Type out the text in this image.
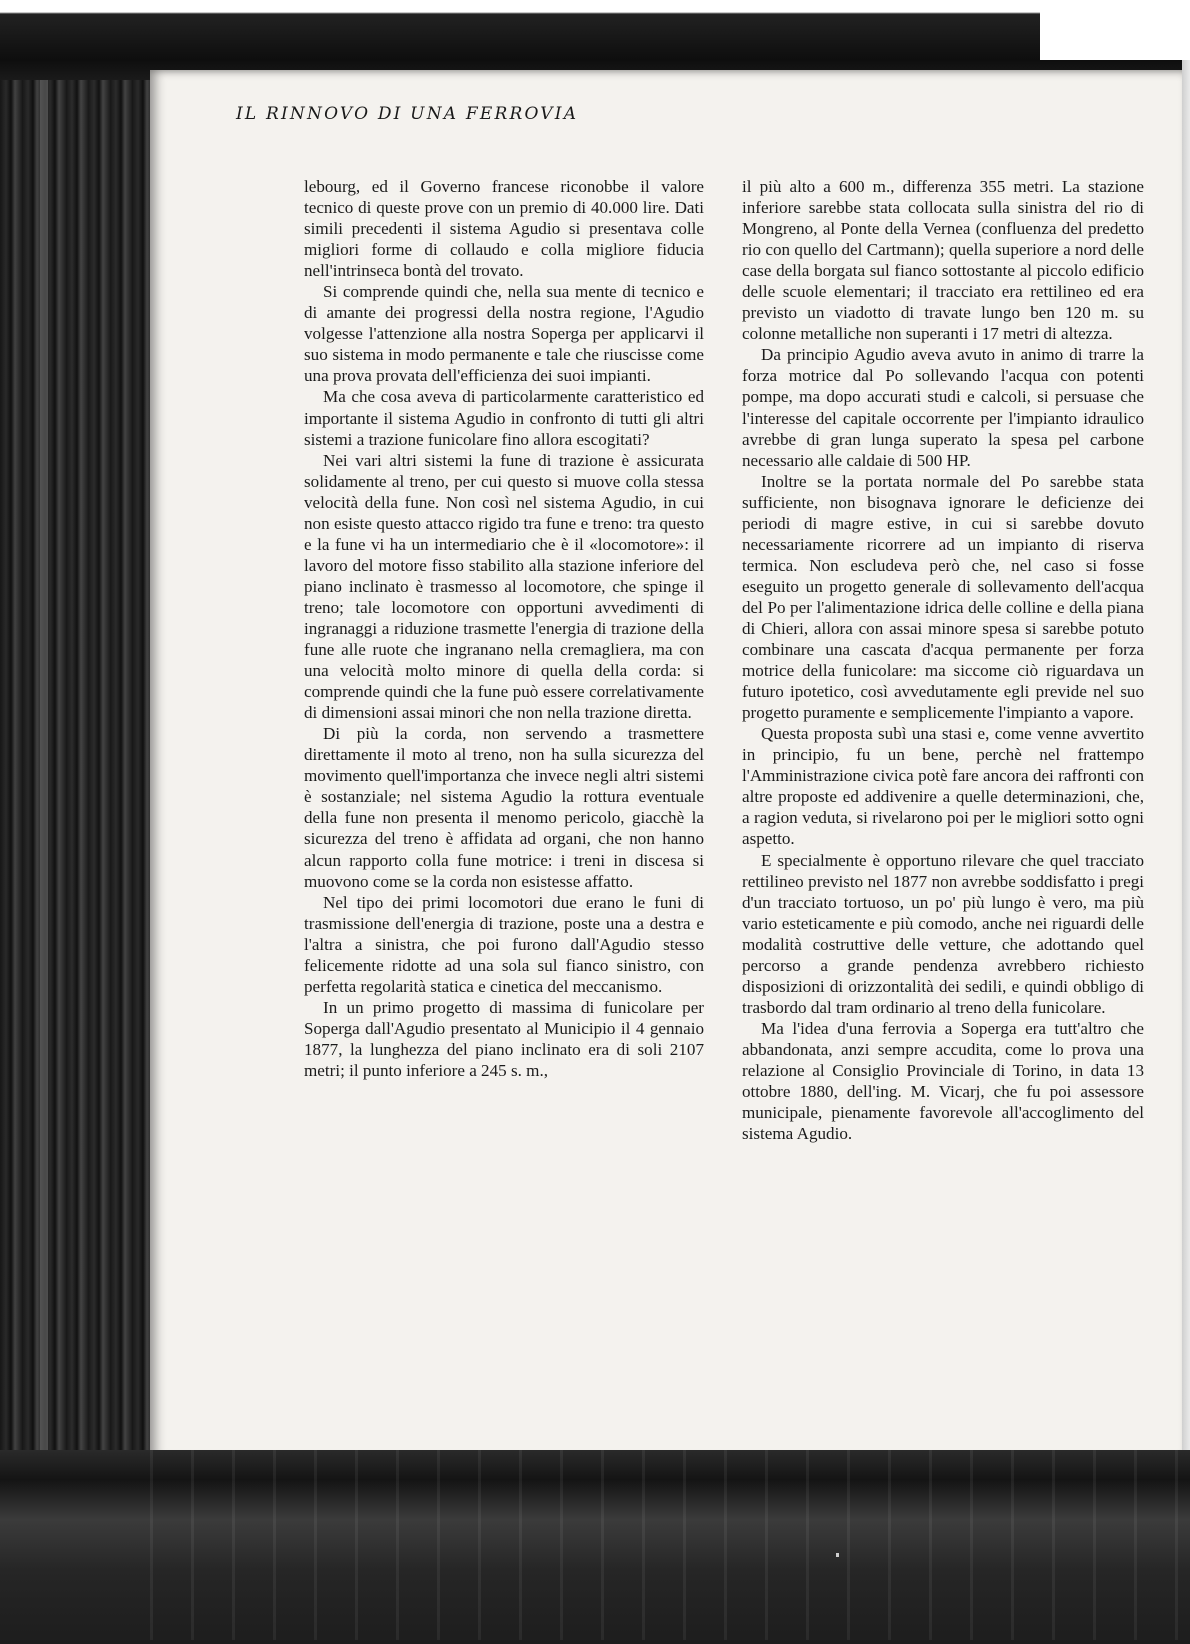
IL RINNOVO DI UNA FERROVIA

lebourg, ed il Governo francese riconobbe il valore tecnico di queste prove con un premio di 40.000 lire. Dati simili precedenti il sistema Agudio si presentava colle migliori forme di collaudo e colla migliore fiducia nell'intrinseca bontà del trovato.

Si comprende quindi che, nella sua mente di tecnico e di amante dei progressi della nostra regione, l'Agudio volgesse l'attenzione alla nostra Soperga per applicarvi il suo sistema in modo permanente e tale che riuscisse come una prova provata dell'efficienza dei suoi impianti.

Ma che cosa aveva di particolarmente caratteristico ed importante il sistema Agudio in confronto di tutti gli altri sistemi a trazione funicolare fino allora escogitati?

Nei vari altri sistemi la fune di trazione è assicurata solidamente al treno, per cui questo si muove colla stessa velocità della fune. Non così nel sistema Agudio, in cui non esiste questo attacco rigido tra fune e treno: tra questo e la fune vi ha un intermediario che è il «locomotore»: il lavoro del motore fisso stabilito alla stazione inferiore del piano inclinato è trasmesso al locomotore, che spinge il treno; tale locomotore con opportuni avvedimenti di ingranaggi a riduzione trasmette l'energia di trazione della fune alle ruote che ingranano nella cremagliera, ma con una velocità molto minore di quella della corda: si comprende quindi che la fune può essere correlativamente di dimensioni assai minori che non nella trazione diretta.

Di più la corda, non servendo a trasmettere direttamente il moto al treno, non ha sulla sicurezza del movimento quell'importanza che invece negli altri sistemi è sostanziale; nel sistema Agudio la rottura eventuale della fune non presenta il menomo pericolo, giacchè la sicurezza del treno è affidata ad organi, che non hanno alcun rapporto colla fune motrice: i treni in discesa si muovono come se la corda non esistesse affatto.

Nel tipo dei primi locomotori due erano le funi di trasmissione dell'energia di trazione, poste una a destra e l'altra a sinistra, che poi furono dall'Agudio stesso felicemente ridotte ad una sola sul fianco sinistro, con perfetta regolarità statica e cinetica del meccanismo.

In un primo progetto di massima di funicolare per Soperga dall'Agudio presentato al Municipio il 4 gennaio 1877, la lunghezza del piano inclinato era di soli 2107 metri; il punto inferiore a 245 s. m.,

il più alto a 600 m., differenza 355 metri. La stazione inferiore sarebbe stata collocata sulla sinistra del rio di Mongreno, al Ponte della Vernea (confluenza del predetto rio con quello del Cartmann); quella superiore a nord delle case della borgata sul fianco sottostante al piccolo edificio delle scuole elementari; il tracciato era rettilineo ed era previsto un viadotto di travate lungo ben 120 m. su colonne metalliche non superanti i 17 metri di altezza.

Da principio Agudio aveva avuto in animo di trarre la forza motrice dal Po sollevando l'acqua con potenti pompe, ma dopo accurati studi e calcoli, si persuase che l'interesse del capitale occorrente per l'impianto idraulico avrebbe di gran lunga superato la spesa pel carbone necessario alle caldaie di 500 HP.

Inoltre se la portata normale del Po sarebbe stata sufficiente, non bisognava ignorare le deficienze dei periodi di magre estive, in cui si sarebbe dovuto necessariamente ricorrere ad un impianto di riserva termica. Non escludeva però che, nel caso si fosse eseguito un progetto generale di sollevamento dell'acqua del Po per l'alimentazione idrica delle colline e della piana di Chieri, allora con assai minore spesa si sarebbe potuto combinare una cascata d'acqua permanente per forza motrice della funicolare: ma siccome ciò riguardava un futuro ipotetico, così avvedutamente egli previde nel suo progetto puramente e semplicemente l'impianto a vapore.

Questa proposta subì una stasi e, come venne avvertito in principio, fu un bene, perchè nel frattempo l'Amministrazione civica potè fare ancora dei raffronti con altre proposte ed addivenire a quelle determinazioni, che, a ragion veduta, si rivelarono poi per le migliori sotto ogni aspetto.

E specialmente è opportuno rilevare che quel tracciato rettilineo previsto nel 1877 non avrebbe soddisfatto i pregi d'un tracciato tortuoso, un po' più lungo è vero, ma più vario esteticamente e più comodo, anche nei riguardi delle modalità costruttive delle vetture, che adottando quel percorso a grande pendenza avrebbero richiesto disposizioni di orizzontalità dei sedili, e quindi obbligo di trasbordo dal tram ordinario al treno della funicolare.

Ma l'idea d'una ferrovia a Soperga era tutt'altro che abbandonata, anzi sempre accudita, come lo prova una relazione al Consiglio Provinciale di Torino, in data 13 ottobre 1880, dell'ing. M. Vicarj, che fu poi assessore municipale, pienamente favorevole all'accoglimento del sistema Agudio.
